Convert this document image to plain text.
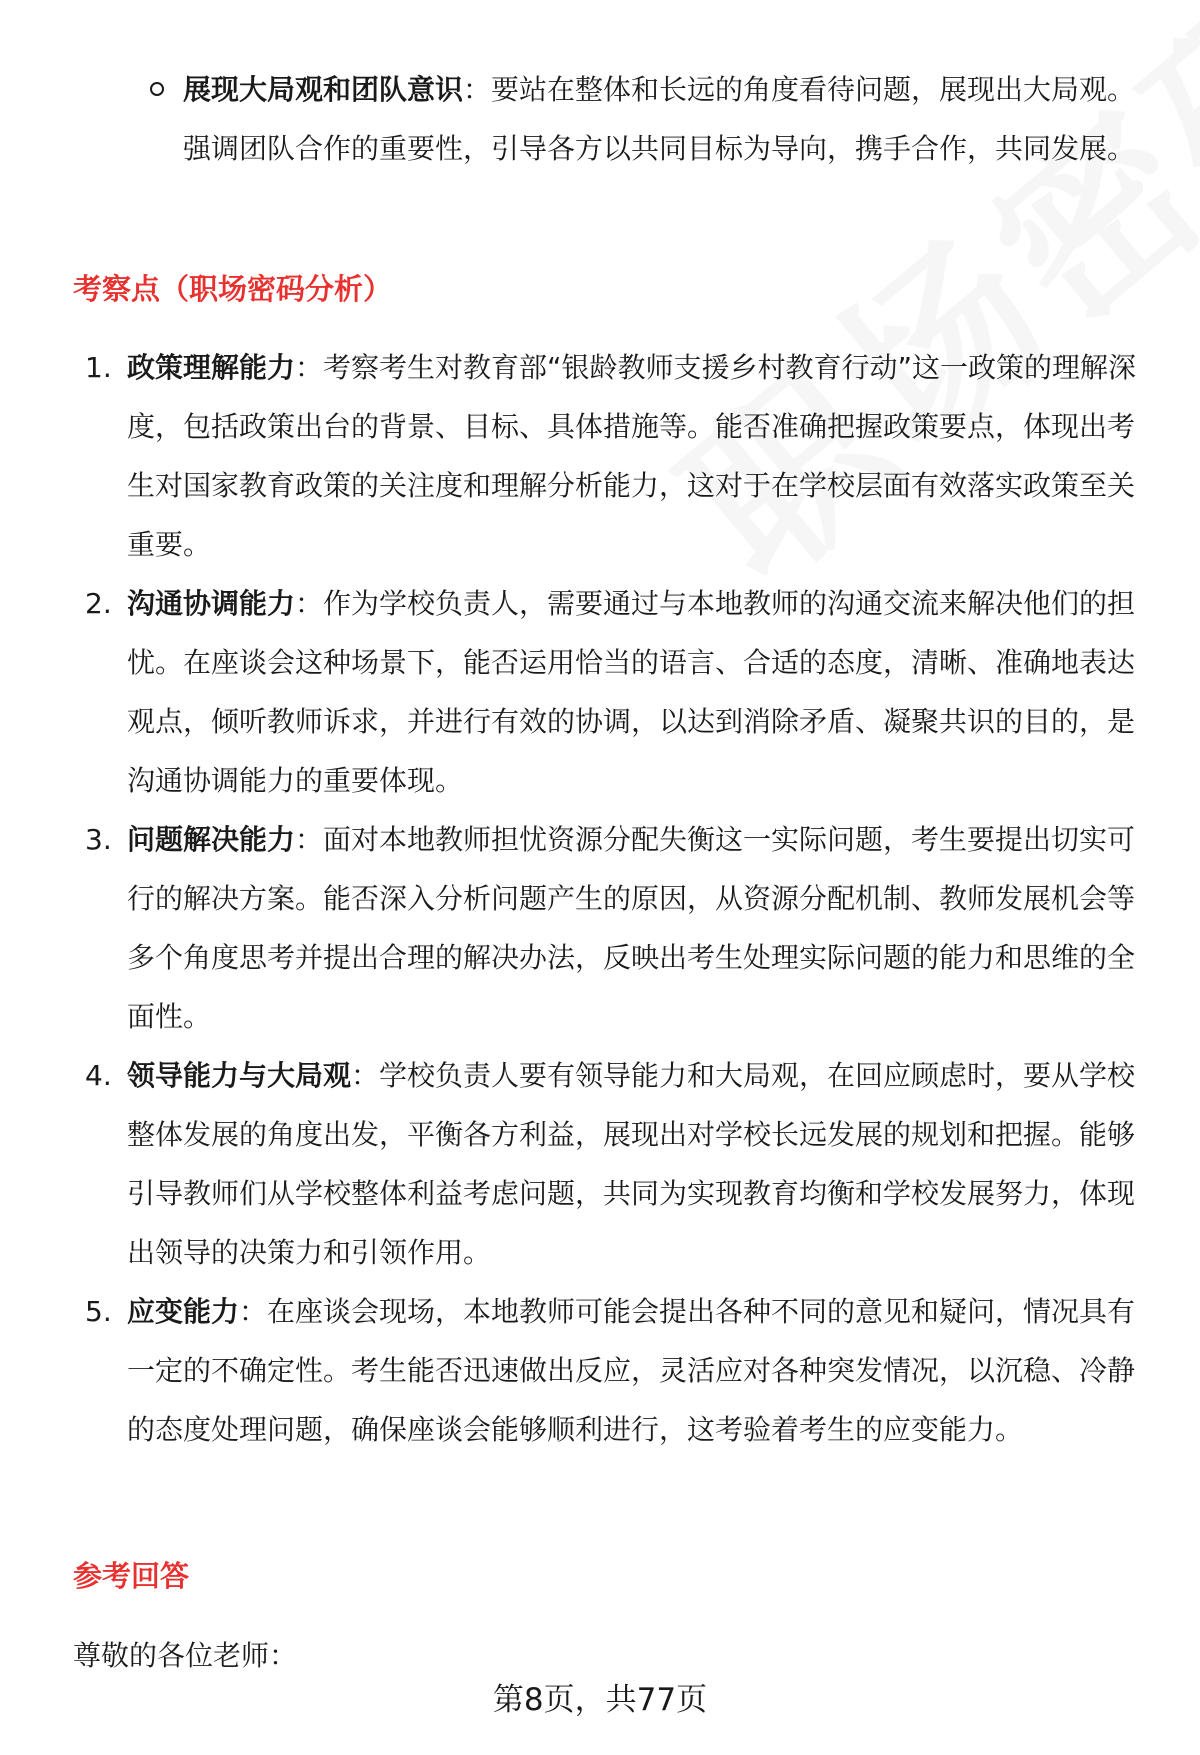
展现大局观和团队意识：要站在整体和长远的角度看待问题，展现出大局观。强调团队合作的重要性，引导各方以共同目标为导向，携手合作，共同发展。
考察点（职场密码分析）
1. 政策理解能力：考察考生对教育部“银龄教师支援乡村教育行动”这一政策的理解深度，包括政策出台的背景、目标、具体措施等。能否准确把握政策要点，体现出考生对国家教育政策的关注度和理解分析能力，这对于在学校层面有效落实政策至关重要。
2. 沟通协调能力：作为学校负责人，需要通过与本地教师的沟通交流来解决他们的担忧。在座谈会这种场景下，能否运用恰当的语言、合适的态度，清晰、准确地表达观点，倾听教师诉求，并进行有效的协调，以达到消除矛盾、凝聚共识的目的，是沟通协调能力的重要体现。
3. 问题解决能力：面对本地教师担忧资源分配失衡这一实际问题，考生要提出切实可行的解决方案。能否深入分析问题产生的原因，从资源分配机制、教师发展机会等多个角度思考并提出合理的解决办法，反映出考生处理实际问题的能力和思维的全面性。
4. 领导能力与大局观：学校负责人要有领导能力和大局观，在回应顾虑时，要从学校整体发展的角度出发，平衡各方利益，展现出对学校长远发展的规划和把握。能够引导教师们从学校整体利益考虑问题，共同为实现教育均衡和学校发展努力，体现出领导的决策力和引领作用。
5. 应变能力：在座谈会现场，本地教师可能会提出各种不同的意见和疑问，情况具有一定的不确定性。考生能否迅速做出反应，灵活应对各种突发情况，以沉稳、冷静的态度处理问题，确保座谈会能够顺利进行，这考验着考生的应变能力。
参考回答
尊敬的各位老师：
第8页，共77页
